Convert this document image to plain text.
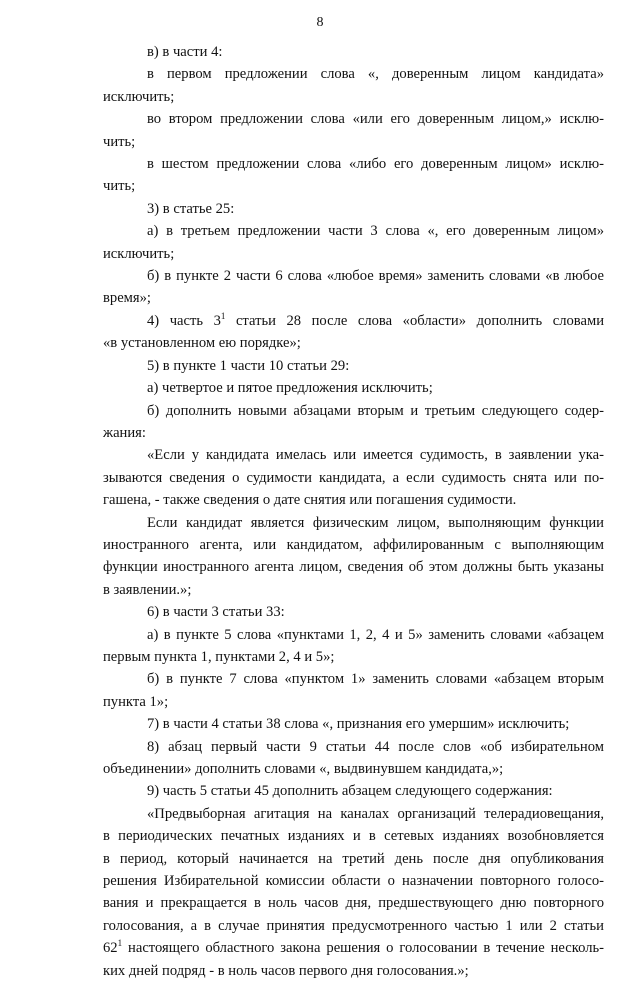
8
в) в части 4:
в первом предложении слова «, доверенным лицом кандидата»
исключить;
во втором предложении слова «или его доверенным лицом,» исклю-
чить;
в шестом предложении слова «либо его доверенным лицом» исклю-
чить;
3) в статье 25:
а) в третьем предложении части 3 слова «, его доверенным лицом»
исключить;
б) в пункте 2 части 6 слова «любое время» заменить словами «в любое
время»;
4) часть $3^1$ статьи 28 после слова «области» дополнить словами
«в установленном ею порядке»;
5) в пункте 1 части 10 статьи 29:
а) четвертое и пятое предложения исключить;
б) дополнить новыми абзацами вторым и третьим следующего содер-
жания:
«Если у кандидата имелась или имеется судимость, в заявлении ука-
зываются сведения о судимости кандидата, а если судимость снята или по-
гашена, - также сведения о дате снятия или погашения судимости.
Если кандидат является физическим лицом, выполняющим функции
иностранного агента, или кандидатом, аффилированным с выполняющим
функции иностранного агента лицом, сведения об этом должны быть указаны
в заявлении.»;
6) в части 3 статьи 33:
а) в пункте 5 слова «пунктами 1, 2, 4 и 5» заменить словами «абзацем
первым пункта 1, пунктами 2, 4 и 5»;
б) в пункте 7 слова «пунктом 1» заменить словами «абзацем вторым
пункта 1»;
7) в части 4 статьи 38 слова «, признания его умершим» исключить;
8) абзац первый части 9 статьи 44 после слов «об избирательном
объединении» дополнить словами «, выдвинувшем кандидата,»;
9) часть 5 статьи 45 дополнить абзацем следующего содержания:
«Предвыборная агитация на каналах организаций телерадиовещания,
в периодических печатных изданиях и в сетевых изданиях возобновляется
в период, который начинается на третий день после дня опубликования
решения Избирательной комиссии области о назначении повторного голосо-
вания и прекращается в ноль часов дня, предшествующего дню повторного
голосования, а в случае принятия предусмотренного частью 1 или 2 статьи
$62^1$ настоящего областного закона решения о голосовании в течение несколь-
ких дней подряд - в ноль часов первого дня голосования.»;
